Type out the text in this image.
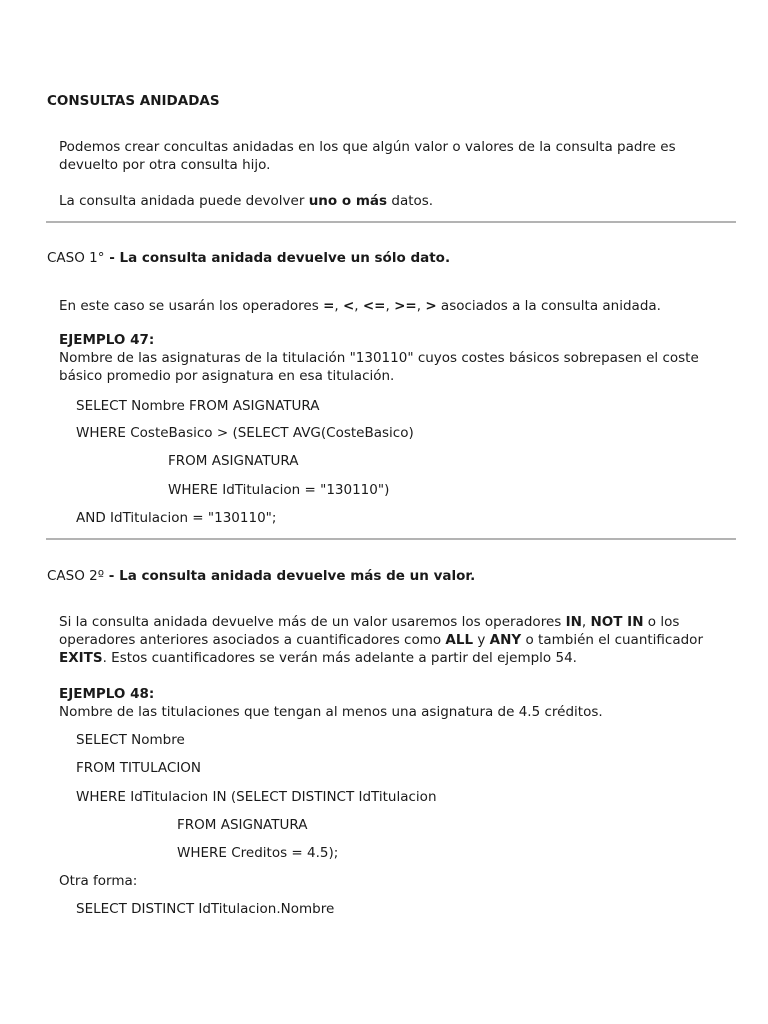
CONSULTAS ANIDADAS
Podemos crear concultas anidadas en los que algún valor o valores de la consulta padre es devuelto por otra consulta hijo.
La consulta anidada puede devolver uno o más datos.
CASO 1° - La consulta anidada devuelve un sólo dato.
En este caso se usarán los operadores =, <, <=, >=, > asociados a la consulta anidada.
EJEMPLO 47:
Nombre de las asignaturas de la titulación "130110" cuyos costes básicos sobrepasen el coste básico promedio por asignatura en esa titulación.
SELECT Nombre FROM ASIGNATURA
WHERE CosteBasico > (SELECT AVG(CosteBasico)
FROM ASIGNATURA
WHERE IdTitulacion = "130110")
AND IdTitulacion = "130110";
CASO 2º - La consulta anidada devuelve más de un valor.
Si la consulta anidada devuelve más de un valor usaremos los operadores IN, NOT IN o los operadores anteriores asociados a cuantificadores como ALL y ANY o también el cuantificador EXITS. Estos cuantificadores se verán más adelante a partir del ejemplo 54.
EJEMPLO 48:
Nombre de las titulaciones que tengan al menos una asignatura de 4.5 créditos.
SELECT Nombre
FROM TITULACION
WHERE IdTitulacion IN (SELECT DISTINCT IdTitulacion
FROM ASIGNATURA
WHERE Creditos = 4.5);
Otra forma:
SELECT DISTINCT IdTitulacion.Nombre
